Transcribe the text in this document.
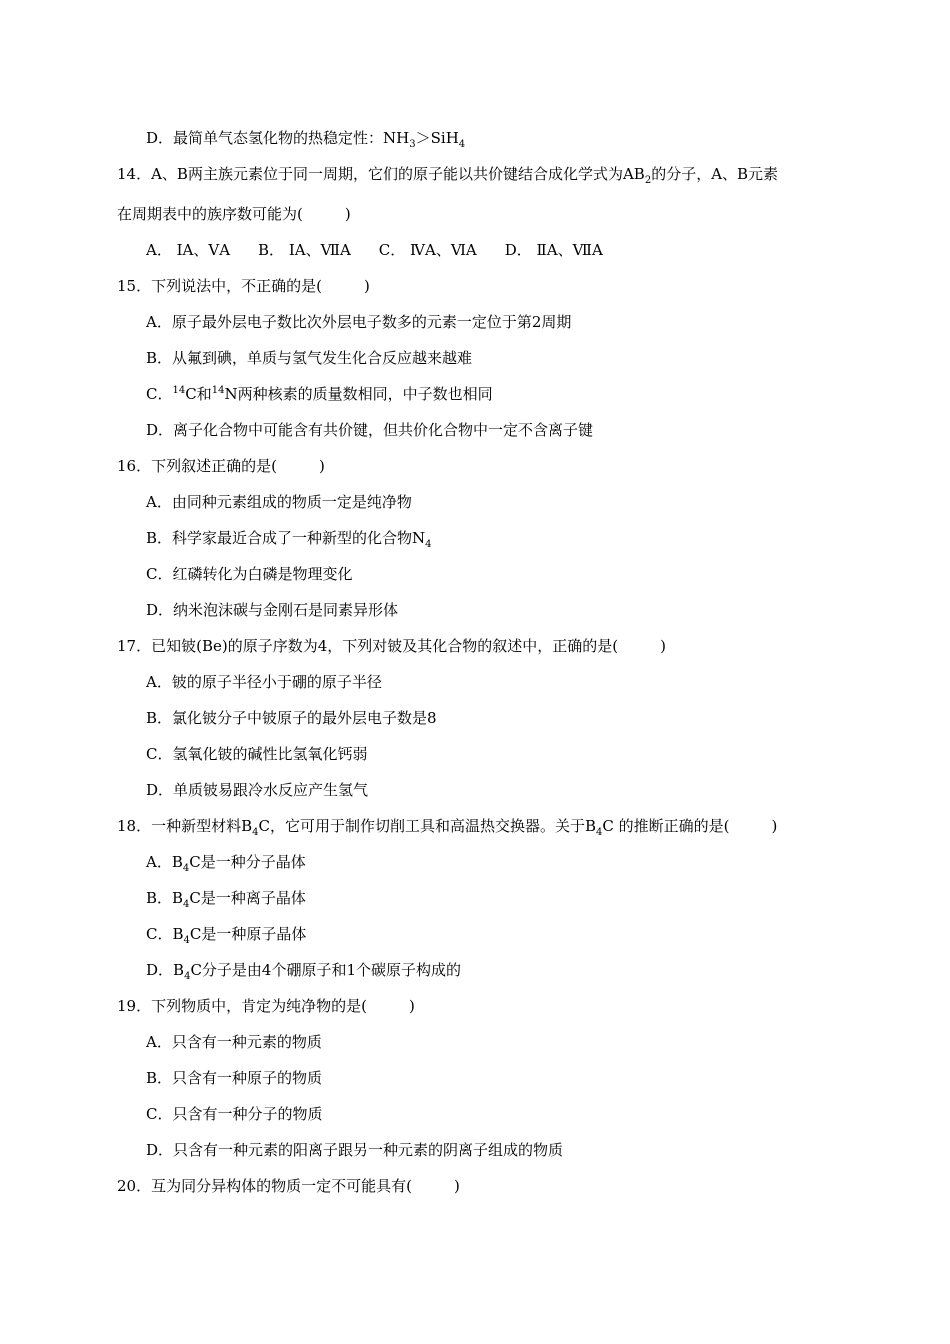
D．最简单气态氢化物的热稳定性：$NH_3>SiH_4$
14．A、B两主族元素位于同一周期，它们的原子能以共价键结合成化学式为$AB_2$的分子，A、B元素
在周期表中的族序数可能为(	)
A． ⅠA、ⅤA B． ⅠA、ⅦA C． ⅣA、ⅥA D． ⅡA、ⅦA
15．下列说法中，不正确的是(	)
A．原子最外层电子数比次外层电子数多的元素一定位于第2周期
B．从氟到碘，单质与氢气发生化合反应越来越难
C．$^{14}$C和$^{14}$N两种核素的质量数相同，中子数也相同
D．离子化合物中可能含有共价键，但共价化合物中一定不含离子键
16．下列叙述正确的是(	)
A．由同种元素组成的物质一定是纯净物
B．科学家最近合成了一种新型的化合物$N_4$
C．红磷转化为白磷是物理变化
D．纳米泡沫碳与金刚石是同素异形体
17．已知铍(Be)的原子序数为4，下列对铍及其化合物的叙述中，正确的是(	)
A．铍的原子半径小于硼的原子半径
B．氯化铍分子中铍原子的最外层电子数是8
C．氢氧化铍的碱性比氢氧化钙弱
D．单质铍易跟冷水反应产生氢气
18．一种新型材料$B_4C$，它可用于制作切削工具和高温热交换器。关于$B_4C$ 的推断正确的是(	)
A．$B_4C$是一种分子晶体
B．$B_4C$是一种离子晶体
C．$B_4C$是一种原子晶体
D．$B_4C$分子是由4个硼原子和1个碳原子构成的
19．下列物质中，肯定为纯净物的是(	)
A．只含有一种元素的物质
B．只含有一种原子的物质
C．只含有一种分子的物质
D．只含有一种元素的阳离子跟另一种元素的阴离子组成的物质
20．互为同分异构体的物质一定不可能具有(	)
